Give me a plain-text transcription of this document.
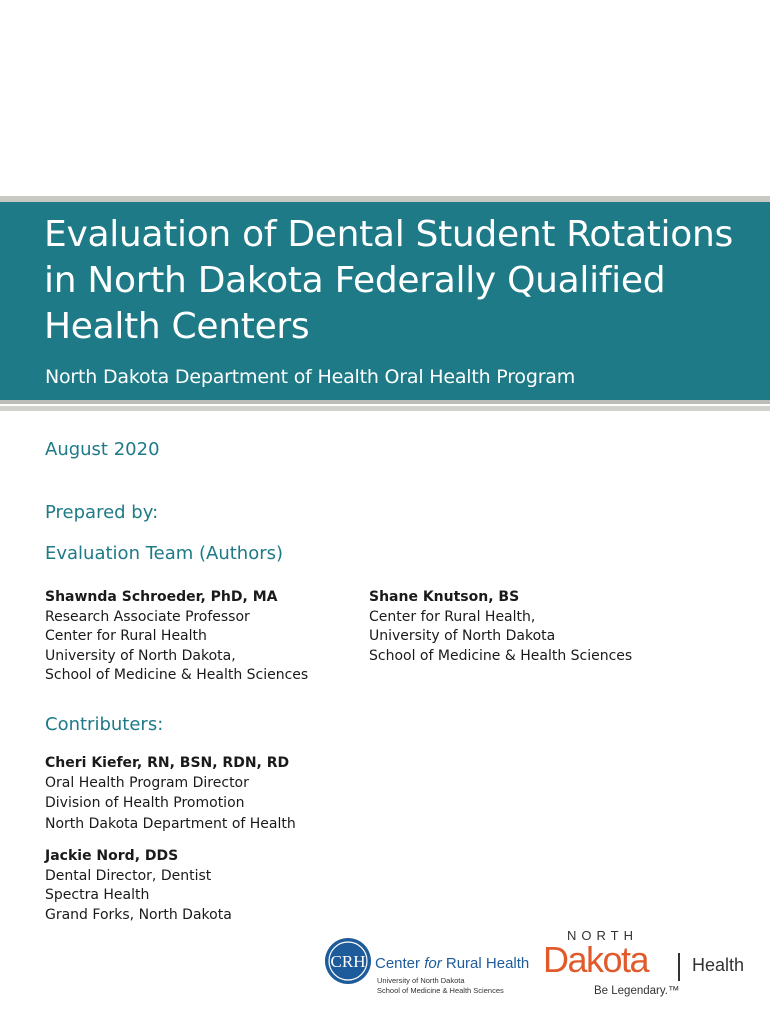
Evaluation of Dental Student Rotations
in North Dakota Federally Qualified
Health Centers

North Dakota Department of Health Oral Health Program

August 2020

Prepared by:

Evaluation Team (Authors)

Shawnda Schroeder, PhD, MA
Research Associate Professor
Center for Rural Health
University of North Dakota,
School of Medicine & Health Sciences
Shane Knutson, BS
Center for Rural Health,
University of North Dakota
School of Medicine & Health Sciences

Contributers:

Cheri Kiefer, RN, BSN, RDN, RD
Oral Health Program Director
Division of Health Promotion
North Dakota Department of Health
Jackie Nord, DDS
Dental Director, Dentist
Spectra Health
Grand Forks, North Dakota
CRH Center for Rural Health
University of North Dakota
School of Medicine & Health Sciences
NORTH
Dakota Health
Be Legendary.™
